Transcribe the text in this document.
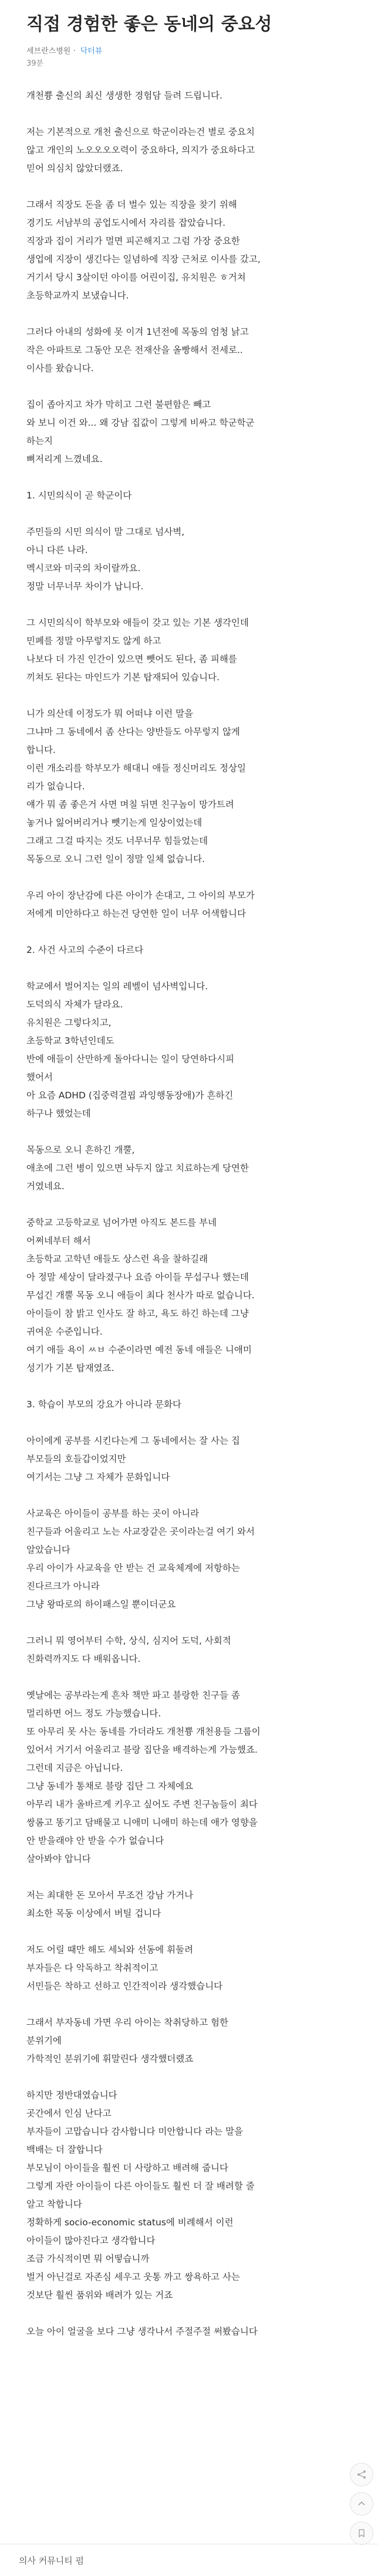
직접 경험한 좋은 동네의 중요성
세브란스병원 · 닥터뷰
39분
개천쁑 출신의 최신 생생한 경험담 들려 드립니다.
저는 기본적으로 개천 출신으로 학군이라는건 별로 중요치
않고 개인의 노오오오오력이 중요하다, 의지가 중요하다고
믿어 의심치 않았더랬죠.
그래서 직장도 돈을 좀 더 벌수 있는 직장을 찾기 위해
경기도 서남부의 공업도시에서 자리를 잡았습니다.
직장과 집이 거리가 멀면 피곤해지고 그럼 가장 중요한
생업에 지장이 생긴다는 일념하에 직장 근처로 이사를 갔고,
거기서 당시 3살이던 아이를 어린이집, 유치원은 ㅎ거쳐
초등학교까지 보냈습니다.
그러다 아내의 성화에 못 이겨 1년전에 목동의 엄청 낡고
작은 아파트로 그동안 모은 전재산을 올빵해서 전세로..
이사를 왔습니다.
집이 좁아지고 차가 막히고 그런 불편함은 빼고
와 보니 이건 와... 왜 강남 집값이 그렇게 비싸고 학군학군
하는지
뼈저리게 느꼈네요.
1. 시민의식이 곧 학군이다
주민들의 시민 의식이 말 그대로 넘사벽,
아니 다른 나라.
멕시코와 미국의 차이랄까요.
정말 너무너무 차이가 납니다.
그 시민의식이 학부모와 애들이 갖고 있는 기본 생각인데
민폐를 정말 아무렇지도 않게 하고
나보다 더 가진 인간이 있으면 뺏어도 된다, 좀 피해를
끼쳐도 된다는 마인드가 기본 탑재되어 있습니다.
니가 의산데 이정도가 뭐 어떠냐 이런 말을
그냐마 그 동네에서 좀 산다는 양반들도 아무렇지 않게
합니다.
이런 개소리를 학부모가 해대니 애들 정신머리도 정상일
리가 없습니다.
얘가 뭐 좀 좋은거 사면 며칠 뒤면 친구놈이 망가트려
놓거나 잃어버리거나 뺏기는게 일상이었는데
그래고 그걸 따지는 것도 너무너무 힘들었는데
목동으로 오니 그런 일이 정말 일체 없습니다.
우리 아이 장난감에 다른 아이가 손대고, 그 아이의 부모가
저에게 미안하다고 하는건 당연한 일이 너무 어색합니다
2. 사건 사고의 수준이 다르다
학교에서 벌어지는 일의 레벨이 넘사벽입니다.
도덕의식 자체가 달라요.
유치원은 그렇다치고,
초등학교 3학년인데도
반에 애들이 산만하게 돌아다니는 일이 당연하다시피
했어서
아 요즘 ADHD (집중력결핍 과잉행동장애)가 흔하긴
하구나 했었는데
목동으로 오니 흔하긴 개뿔,
애초에 그런 병이 있으면 놔두지 않고 치료하는게 당연한
거였네요.
중학교 고등학교로 넘어가면 아직도 본드를 부네
어쩌네부터 해서
초등학교 고학년 애들도 상스런 욕을 찰하길래
아 정말 세상이 달라졌구나 요즘 아이들 무섭구나 했는데
무섭긴 개뿔 목동 오니 애들이 최다 천사가 따로 없습니다.
아이들이 참 밝고 인사도 잘 하고, 욕도 하긴 하는데 그냥
귀여운 수준입니다.
여기 애들 욕이 ㅆㅂ 수준이라면 예전 동네 애들은 니애미
성기가 기본 탑재였죠.
3. 학습이 부모의 강요가 아니라 문화다
아이에게 공부를 시킨다는게 그 동네에서는 잘 사는 집
부모들의 호들갑이었지만
여기서는 그냥 그 자체가 문화입니다
사교육은 아이들이 공부를 하는 곳이 아니라
친구들과 어울리고 노는 사교장같은 곳이라는걸 여기 와서
알았습니다
우리 아이가 사교육을 안 받는 건 교육체계에 저항하는
진다르크가 아니라
그냥 왕따로의 하이패스일 뿐이더군요
그러니 뭐 영어부터 수학, 상식, 심지어 도덕, 사회적
친화력까지도 다 배워옵니다.
옛날에는 공부라는게 흔차 책만 파고 블랑한 친구들 좀
멀리하면 어느 정도 가능했습니다.
또 아무리 못 사는 동네를 가더라도 개천쁑 개천용들 그룹이
있어서 거기서 어울리고 블랑 집단을 배격하는게 가능했죠.
그런데 지금은 아닙니다.
그냥 동네가 통채로 블랑 집단 그 자체에요
아무리 내가 올바르게 키우고 싶어도 주변 친구놈들이 최다
쌍롬고 똥기고 담배물고 니애미 니애미 하는데 애가 영향을
안 받을래야 안 받을 수가 없습니다
살아봐야 압니다
저는 최대한 돈 모아서 무조건 강남 가거나
최소한 목동 이상에서 버틸 겁니다
저도 어릴 때만 해도 세뇌와 선동에 휘둘려
부자들은 다 악독하고 착취적이고
서민들은 착하고 선하고 인간적이라 생각했습니다
그래서 부자동네 가면 우리 아이는 착취당하고 험한
분위기에
가학적인 분위기에 휘말린다 생각했더랬죠
하지만 정반대였습니다
곳간에서 인심 난다고
부자들이 고맙습니다 감사합니다 미안합니다 라는 말을
백배는 더 잘합니다
부모님이 아이들을 훨씬 더 사랑하고 배려해 줍니다
그렇게 자란 아이들이 다른 아이들도 훨씬 더 잘 배려할 줄
알고 착합니다
정확하게 socio-economic status에 비례해서 이런
아이들이 많아진다고 생각합니다
조금 가식적이면 뭐 어떻습니까
벌거 아닌걸로 자존심 세우고 웃통 까고 쌍욕하고 사는
것보단 훨씬 품위와 배려가 있는 거죠
오늘 아이 얼굴을 보다 그냥 생각나서 주절주절 써봤습니다
의사 커뮤니티 펌
